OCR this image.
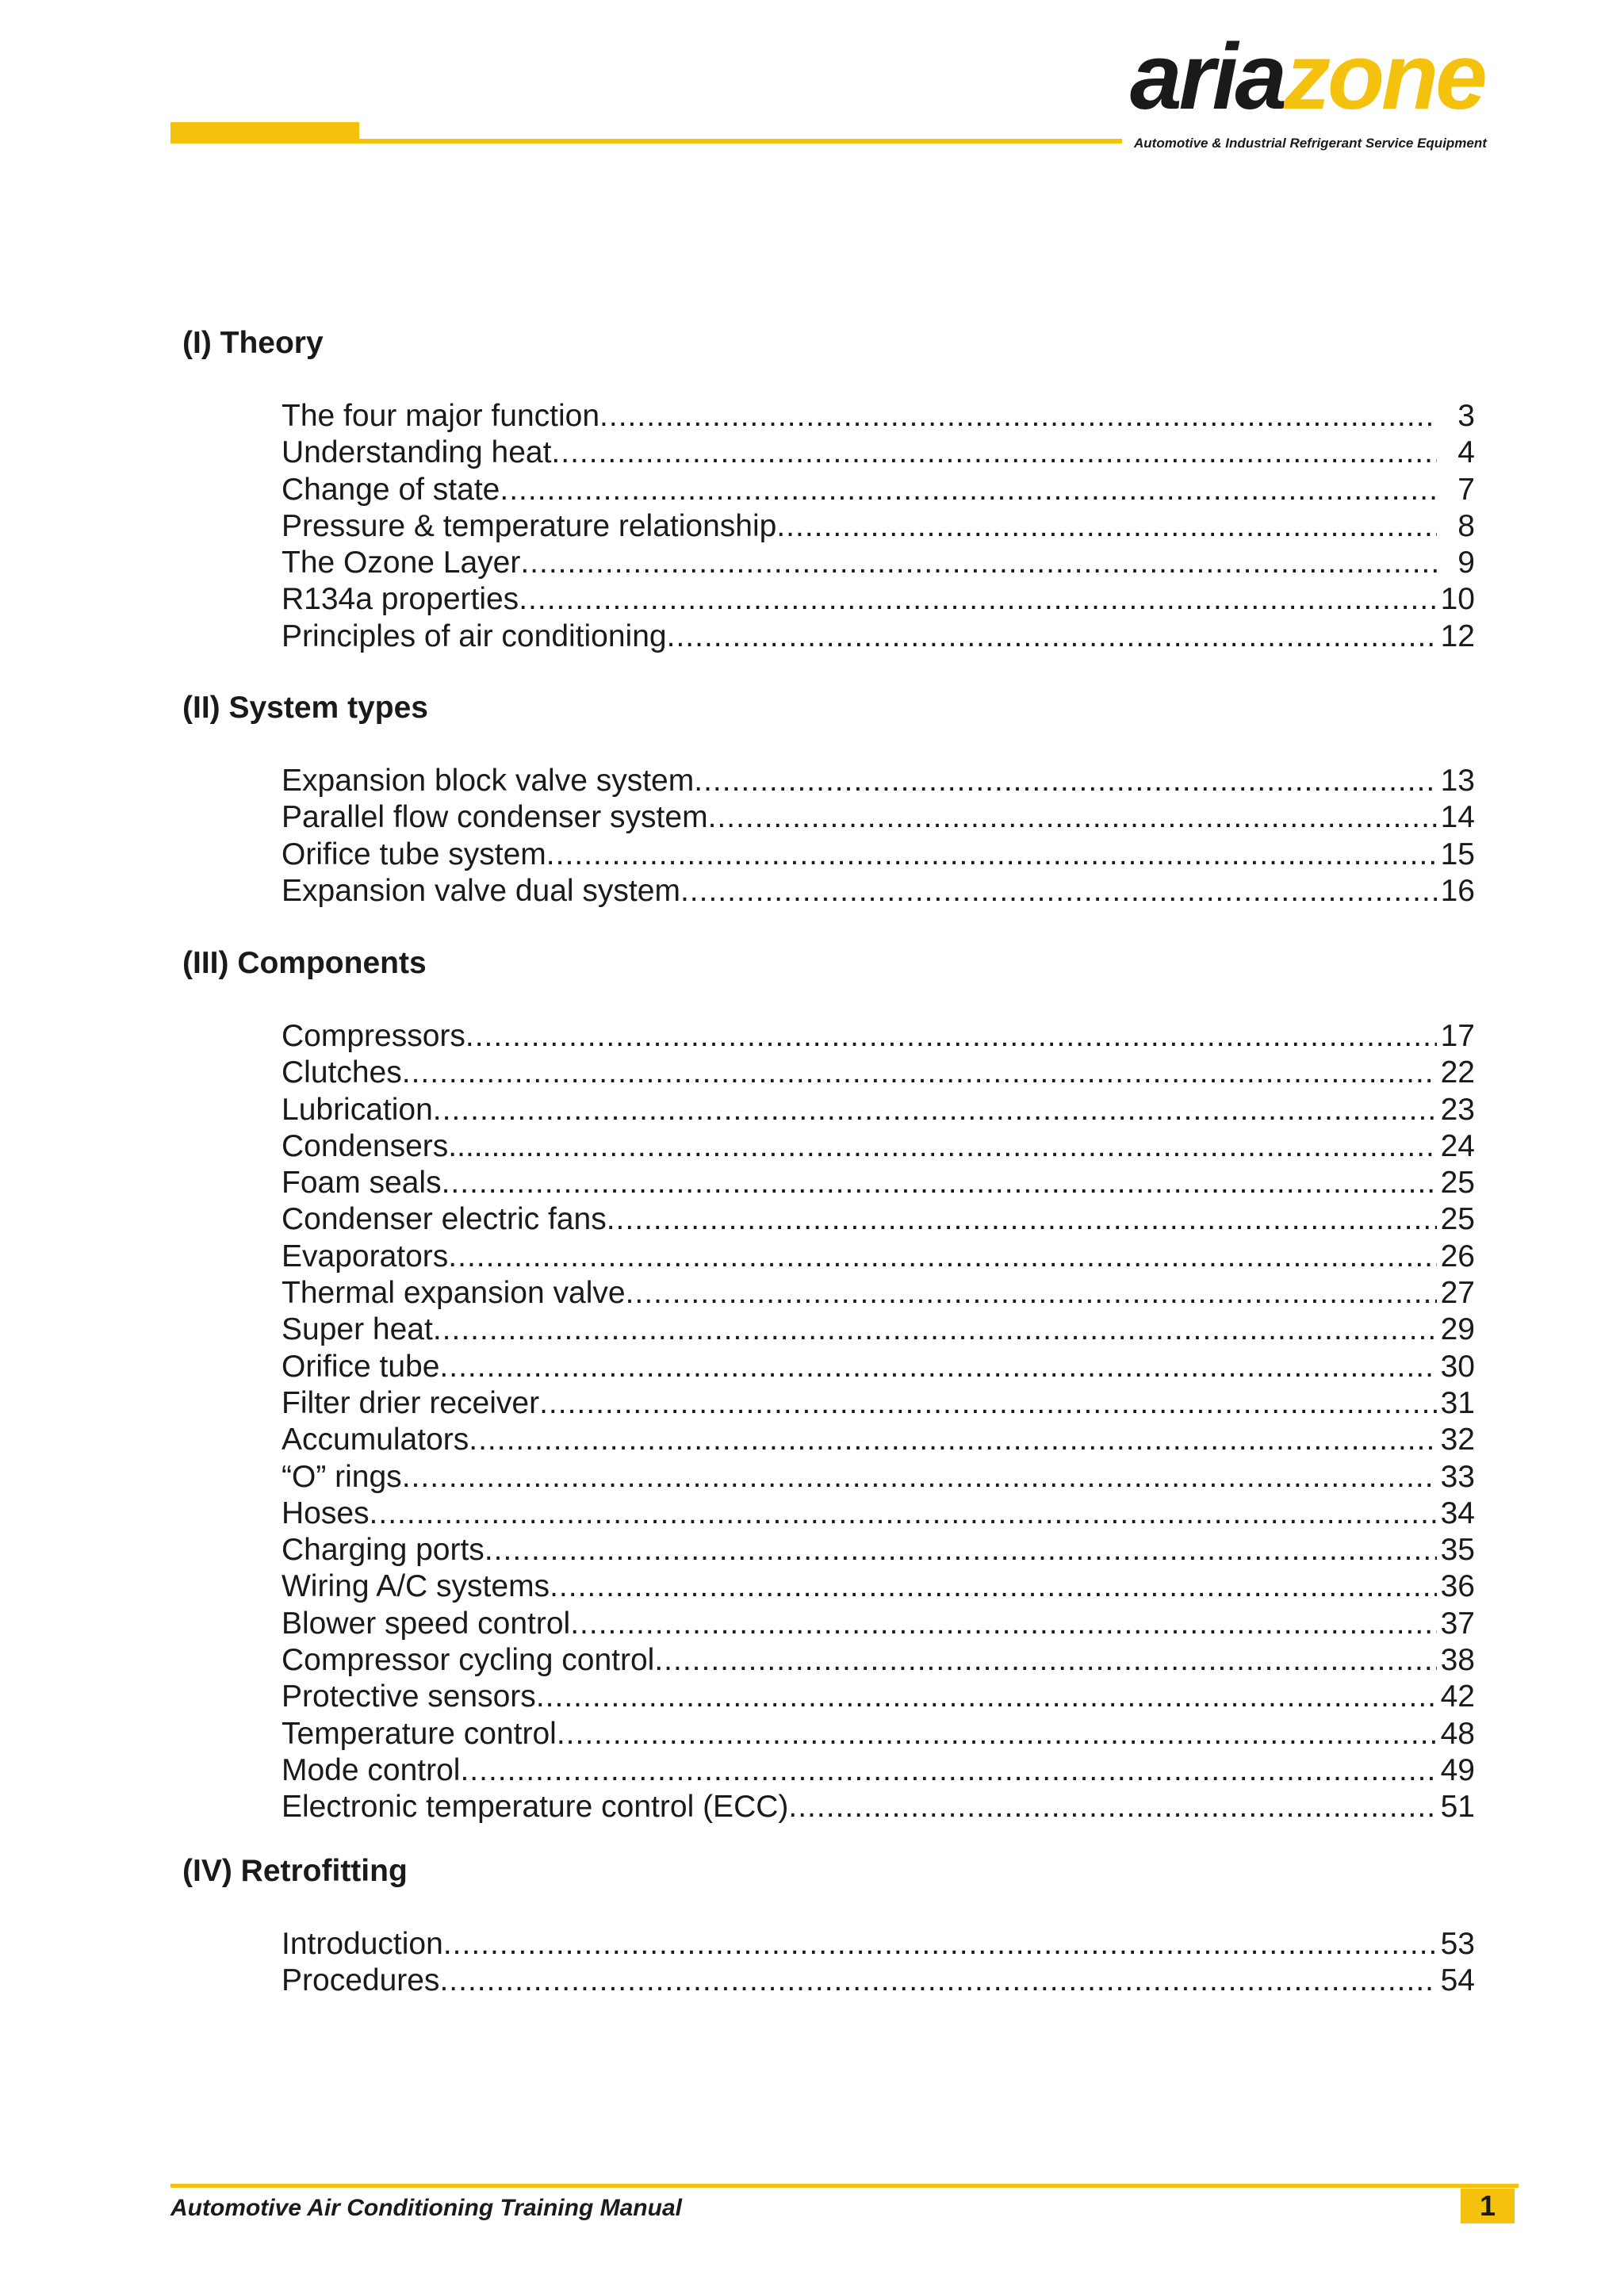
ariazone
Automotive & Industrial Refrigerant Service Equipment
(I) Theory
The four major function .....	3
Understanding heat .....	4
Change of state .....	7
Pressure & temperature relationship .....	8
The Ozone Layer .....	9
R134a properties .....	10
Principles of air conditioning .....	12
(II) System types
Expansion block valve system .....	13
Parallel flow condenser system .....	14
Orifice tube system .....	15
Expansion valve dual system .....	16
(III) Components
Compressors .....	17
Clutches .....	22
Lubrication .....	23
Condensers.......... .....	24
Foam seals .....	25
Condenser electric fans .....	25
Evaporators .....	26
Thermal expansion valve .....	27
Super heat .....	29
Orifice tube .....	30
Filter drier receiver .....	31
Accumulators .....	32
“O” rings .....	33
Hoses .....	34
Charging ports .....	35
Wiring A/C systems .....	36
Blower speed control .....	37
Compressor cycling control .....	38
Protective sensors .....	42
Temperature control .....	48
Mode control .....	49
Electronic temperature control (ECC) .....	51
(IV) Retrofitting
Introduction .....	53
Procedures .....	54
Automotive Air Conditioning Training Manual	1
